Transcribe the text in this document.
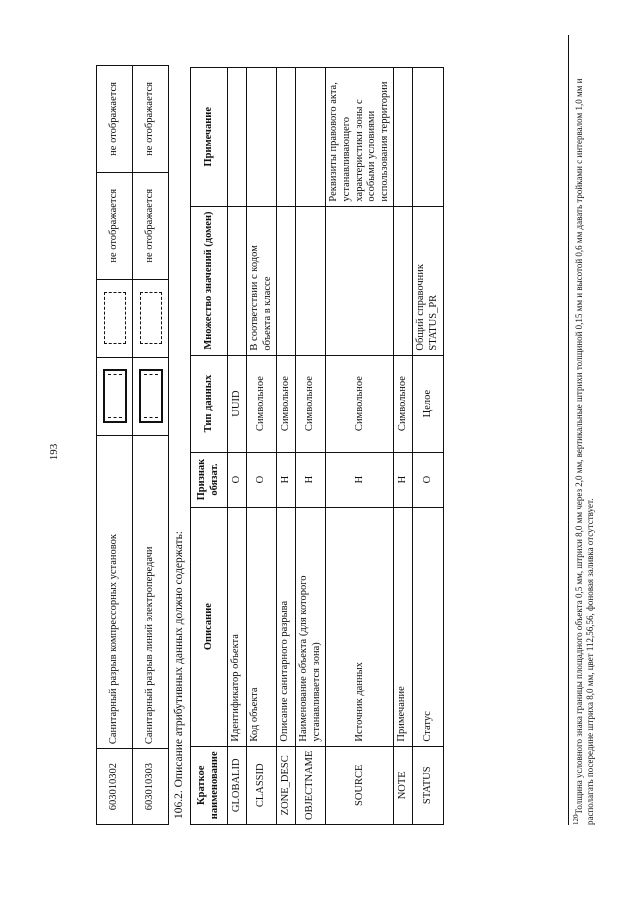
193
603010302	Санитарный разрыв компрессорных установок			не отображается	не отображается
603010303	Санитарный разрыв линий электропередачи			не отображается	не отображается
106.2. Описание атрибутивных данных должно содержать: Краткое наименование	Описание	Признак обязат.	Тип данных	Множество значений (домен)	Примечание
GLOBALID	Идентификатор объекта	О	UUID		
CLASSID	Код объекта	О	Символьное	В соответствии с кодом объекта в классе	
ZONE_DESC	Описание санитарного разрыва	Н	Символьное		
OBJECTNAME	Наименование объекта (для которого устанавливается зона)	Н	Символьное		
SOURCE	Источник данных	Н	Символьное		Реквизиты правового акта, устанавливающего характеристики зоны с особыми условиями использования территории
NOTE	Примечание	Н	Символьное		
STATUS	Статус	О	Целое	Общий справочник STATUS_PR	
$^{120}$Толщина условного знака границы площадного объекта 0,5 мм, штрихи 8,0 мм через 2,0 мм, вертикальные штрихи толщиной 0,15 мм и высотой 0,6 мм давать тройками с интервалом 1,0 мм и располагать посередине штриха 8,0 мм, цвет 112,56,56, фоновая заливка отсутствует.
